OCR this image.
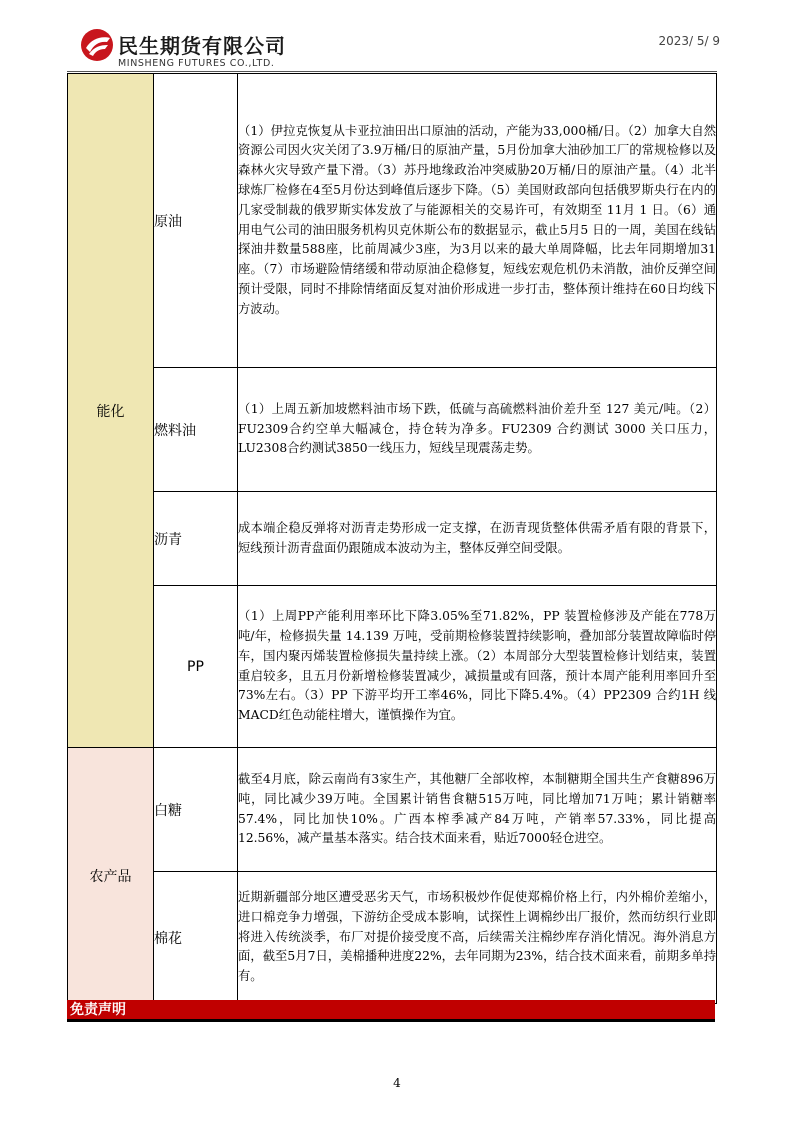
民生期货有限公司
MINSHENG FUTURES CO.,LTD.
2023/ 5/ 9
能化	原油	（1）伊拉克恢复从卡亚拉油田出口原油的活动，产能为33,000桶/日。（2）加拿大自然资源公司因火灾关闭了3.9万桶/日的原油产量，5月份加拿大油砂加工厂的常规检修以及森林火灾导致产量下滑。（3）苏丹地缘政治冲突威胁20万桶/日的原油产量。（4）北半球炼厂检修在4至5月份达到峰值后逐步下降。（5）美国财政部向包括俄罗斯央行在内的几家受制裁的俄罗斯实体发放了与能源相关的交易许可，有效期至 11月 1 日。（6）通用电气公司的油田服务机构贝克休斯公布的数据显示，截止5月5 日的一周，美国在线钻探油井数量588座，比前周减少3座，为3月以来的最大单周降幅，比去年同期增加31座。（7）市场避险情绪缓和带动原油企稳修复，短线宏观危机仍未消散，油价反弹空间预计受限，同时不排除情绪面反复对油价形成进一步打击，整体预计维持在60日均线下方波动。
	燃料油	（1）上周五新加坡燃料油市场下跌，低硫与高硫燃料油价差升至 127 美元/吨。（2）FU2309合约空单大幅减仓，持仓转为净多。FU2309 合约测试 3000 关口压力，LU2308合约测试3850一线压力，短线呈现震荡走势。
	沥青	成本端企稳反弹将对沥青走势形成一定支撑，在沥青现货整体供需矛盾有限的背景下，短线预计沥青盘面仍跟随成本波动为主，整体反弹空间受限。
	PP	（1）上周PP产能利用率环比下降3.05%至71.82%，PP 装置检修涉及产能在778万吨/年，检修损失量 14.139 万吨，受前期检修装置持续影响，叠加部分装置故障临时停车，国内聚丙烯装置检修损失量持续上涨。（2）本周部分大型装置检修计划结束，装置重启较多，且五月份新增检修装置减少，减损量或有回落，预计本周产能利用率回升至 73%左右。（3）PP 下游平均开工率46%，同比下降5.4%。（4）PP2309 合约1H 线MACD红色动能柱增大，谨慎操作为宜。
农产品	白糖	截至4月底，除云南尚有3家生产，其他糖厂全部收榨，本制糖期全国共生产食糖896万吨，同比减少39万吨。全国累计销售食糖515万吨，同比增加71万吨；累计销糖率57.4%，同比加快10%。广西本榨季减产84万吨，产销率57.33%，同比提高12.56%，减产量基本落实。结合技术面来看，贴近7000轻仓进空。
	棉花	近期新疆部分地区遭受恶劣天气，市场积极炒作促使郑棉价格上行，内外棉价差缩小，进口棉竞争力增强，下游纺企受成本影响，试探性上调棉纱出厂报价，然而纺织行业即将进入传统淡季，布厂对提价接受度不高，后续需关注棉纱库存消化情况。海外消息方面，截至5月7日，美棉播种进度22%，去年同期为23%，结合技术面来看，前期多单持有。
免责声明
4
